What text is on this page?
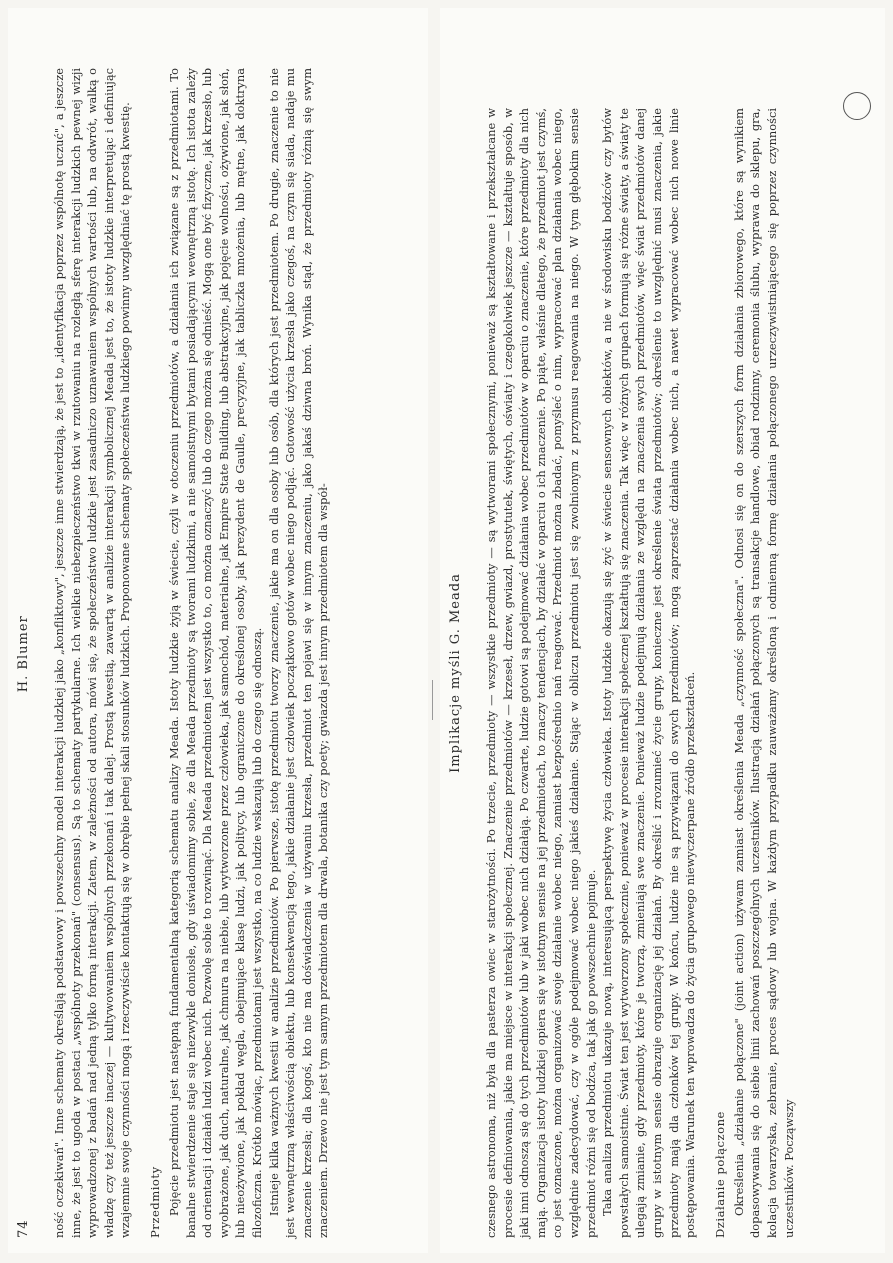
74
H. Blumer ność oczekiwań". Inne schematy określają podstawowy i powszechny model interakcji ludzkiej jako „konfliktowy", jeszcze inne stwierdzają, że jest to „identyfikacja poprzez wspólnotę uczuć", a jeszcze inne, że jest to ugoda w postaci „wspólnoty przekonań" (consensus). Są to schematy partykularne. Ich wielkie niebezpieczeństwo tkwi w rzutowaniu na rozległą sferę interakcji ludzkich pewnej wizji wyprowadzonej z badań nad jedną tylko formą interakcji. Zatem, w zależności od autora, mówi się, że społeczeństwo ludzkie jest zasadniczo uznawaniem wspólnych wartości lub, na odwrót, walką o władzę czy też jeszcze inaczej — kultywowaniem wspólnych przekonań i tak dalej. Prostą kwestią, zawartą w analizie interakcji symbolicznej Meada jest to, że istoty ludzkie interpretując i definiując wzajemnie swoje czynności mogą i rzeczywiście kontaktują się w obrębie pełnej skali stosunków ludzkich. Proponowane schematy społeczeństwa ludzkiego powinny uwzględniać tę prostą kwestię. Przedmioty Pojęcie przedmiotu jest następną fundamentalną kategorią schematu analizy Meada. Istoty ludzkie żyją w świecie, czyli w otoczeniu przedmiotów, a działania ich związane są z przedmiotami. To banalne stwierdzenie staje się niezwykle doniosłe, gdy uświadomimy sobie, że dla Meada przedmioty są tworami ludzkimi, a nie samoistnymi bytami posiadającymi wewnętrzną istotę. Ich istota zależy od orientacji i działań ludzi wobec nich. Pozwolę sobie to rozwinąć. Dla Meada przedmiotem jest wszystko to, co można oznaczyć lub do czego można się odnieść. Mogą one być fizyczne, jak krzesło, lub wyobrażone, jak duch, naturalne, jak chmura na niebie, lub wytworzone przez człowieka, jak samochód, materialne, jak Empire State Building, lub abstrakcyjne, jak pojęcie wolności, ożywione, jak słoń, lub nieożywione, jak pokład węgla, obejmujące klasę ludzi, jak politycy, lub ograniczone do określonej osoby, jak prezydent de Gaulle, precyzyjne, jak tabliczka mnożenia, lub mętne, jak doktryna filozoficzna. Krótko mówiąc, przedmiotami jest wszystko, na co ludzie wskazują lub do czego się odnoszą. Istnieje kilka ważnych kwestii w analizie przedmiotów. Po pierwsze, istotę przedmiotu tworzy znaczenie, jakie ma on dla osoby lub osób, dla których jest przedmiotem. Po drugie, znaczenie to nie jest wewnętrzną właściwością obiektu, lub konsekwencją tego, jakie działanie jest człowiek początkowo gotów wobec niego podjąć. Gotowość użycia krzesła jako czegoś, na czym się siada, nadaje mu znaczenie krzesła; dla kogoś, kto nie ma doświadczenia w używaniu krzesła, przedmiot ten pojawi się w innym znaczeniu, jako jakaś dziwna broń. Wynika stąd, że przedmioty różnią się swym znaczeniem. Drzewo nie jest tym samym przedmiotem dla drwala, botanika czy poety; gwiazda jest innym przedmiotem dla współ-	Implikacje myśli G. Meada czesnego astronoma, niż była dla pasterza owiec w starożytności. Po trzecie, przedmioty — wszystkie przedmioty — są wytworami społecznymi, ponieważ są kształtowane i przekształcane w procesie definiowania, jakie ma miejsce w interakcji społecznej. Znaczenie przedmiotów — krzeseł, drzew, gwiazd, prostytutek, świętych, oświaty i czegokolwiek jeszcze — kształtuje sposób, w jaki inni odnoszą się do tych przedmiotów lub w jaki wobec nich działają. Po czwarte, ludzie gotowi są podejmować działania wobec przedmiotów w oparciu o znaczenie, które przedmioty dla nich mają. Organizacja istoty ludzkiej opiera się w istotnym sensie na jej przedmiotach, to znaczy tendencjach, by działać w oparciu o ich znaczenie. Po piąte, właśnie dlatego, że przedmiot jest czymś, co jest oznaczone, można organizować swoje działanie wobec niego, zamiast bezpośrednio nań reagować. Przedmiot można zbadać, pomyśleć o nim, wypracować plan działania wobec niego, względnie zadecydować, czy w ogóle podejmować wobec niego jakieś działanie. Stając w obliczu przedmiotu jest się zwolnionym z przymusu reagowania na niego. W tym głębokim sensie przedmiot różni się od bodźca, tak jak go powszechnie pojmuje. Taka analiza przedmiotu ukazuje nową, interesującą perspektywę życia człowieka. Istoty ludzkie okazują się żyć w świecie sensownych obiektów, a nie w środowisku bodźców czy bytów powstałych samoistnie. Świat ten jest wytworzony społecznie, ponieważ w procesie interakcji społecznej kształtują się znaczenia. Tak więc w różnych grupach formują się różne światy, a światy te ulegają zmianie, gdy przedmioty, które je tworzą, zmieniają swe znaczenie. Ponieważ ludzie podejmują działania ze względu na znaczenia swych przedmiotów, więc świat przedmiotów danej grupy w istotnym sensie obrazuje organizację jej działań. By określić i zrozumieć życie grupy, konieczne jest określenie świata przedmiotów; określenie to uwzględnić musi znaczenia, jakie przedmioty mają dla członków tej grupy. W końcu, ludzie nie są przywiązani do swych przedmiotów; mogą zaprzestać działania wobec nich, a nawet wypracować wobec nich nowe linie postępowania. Warunek ten wprowadza do życia grupowego niewyczerpane źródło przekształceń. Działanie połączone Określenia „działanie połączone" (joint action) używam zamiast określenia Meada „czynność społeczna". Odnosi się on do szerszych form działania zbiorowego, które są wynikiem dopasowywania się do siebie linii zachowań poszczególnych uczestników. Ilustracją działań połączonych są transakcje handlowe, obiad rodzinny, ceremonia ślubu, wyprawa do sklepu, gra, kolacja towarzyska, zebranie, proces sądowy lub wojna. W każdym przypadku zauważamy określoną i odmienną formę działania połączonego urzeczywistniającego się poprzez czynności uczestników. Począwszy
